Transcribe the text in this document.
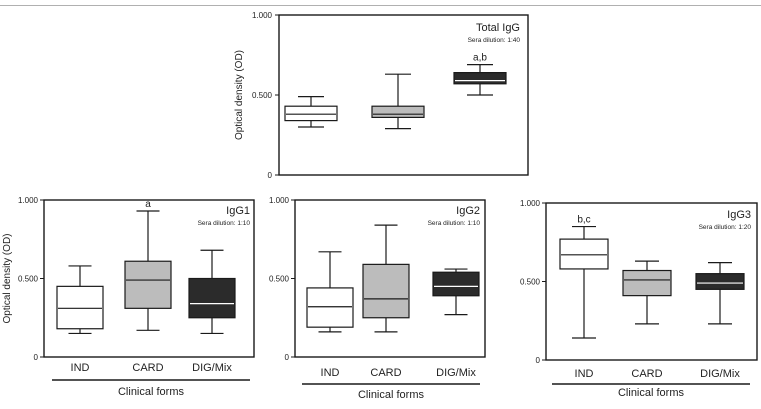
0
0.500
1.000
Optical density (OD)
Total IgG
Sera dilution: 1:40
a,b
0
0.500
1.000
Optical density (OD)
IgG1
Sera dilution: 1:10
a
IND	CARD	DIG/Mix
Clinical forms
0
0.500
1.000
IgG2
Sera dilution: 1:10
IND	CARD	DIG/Mix
Clinical forms
0
0.500
1.000
IgG3
Sera dilution: 1:20
b,c
IND	CARD	DIG/Mix
Clinical forms
